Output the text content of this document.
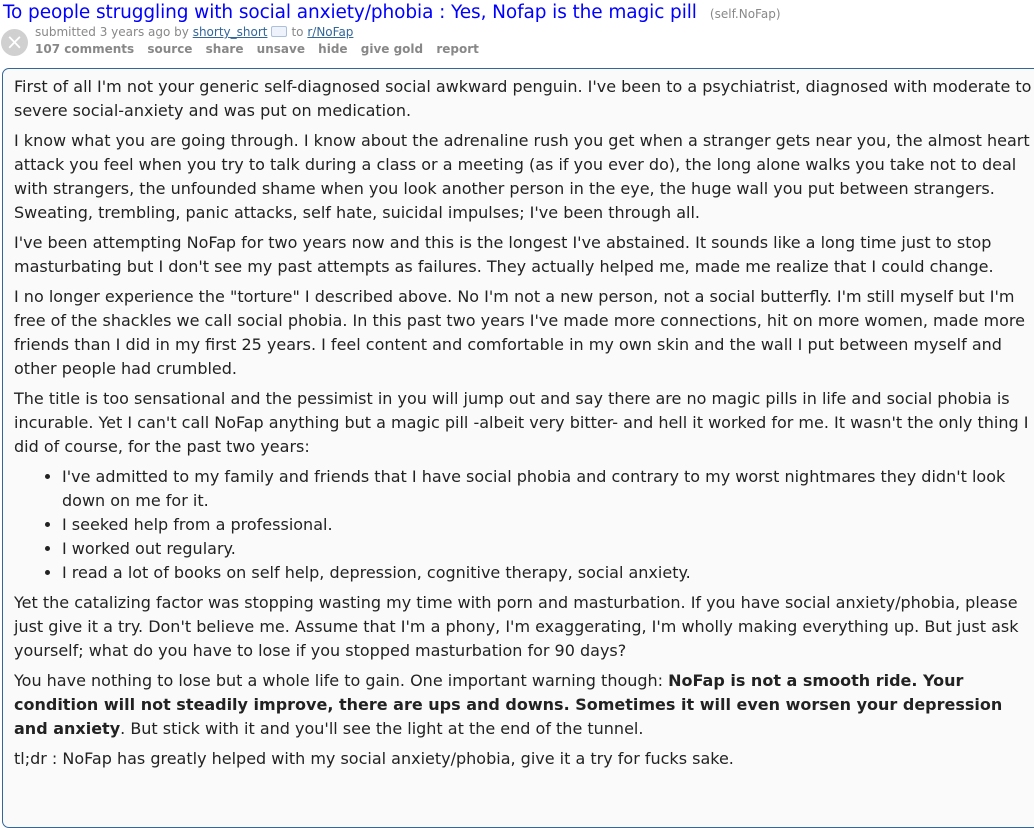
To people struggling with social anxiety/phobia : Yes, Nofap is the magic pill (self.NoFap)
× submitted 3 years ago by shorty_short to r/NoFap
107 comments source share unsave hide give gold report

First of all I'm not your generic self-diagnosed social awkward penguin. I've been to a psychiatrist, diagnosed with moderate to severe social-anxiety and was put on medication.

I know what you are going through. I know about the adrenaline rush you get when a stranger gets near you, the almost heart attack you feel when you try to talk during a class or a meeting (as if you ever do), the long alone walks you take not to deal with strangers, the unfounded shame when you look another person in the eye, the huge wall you put between strangers. Sweating, trembling, panic attacks, self hate, suicidal impulses; I've been through all.

I've been attempting NoFap for two years now and this is the longest I've abstained. It sounds like a long time just to stop masturbating but I don't see my past attempts as failures. They actually helped me, made me realize that I could change.

I no longer experience the "torture" I described above. No I'm not a new person, not a social butterfly. I'm still myself but I'm free of the shackles we call social phobia. In this past two years I've made more connections, hit on more women, made more friends than I did in my first 25 years. I feel content and comfortable in my own skin and the wall I put between myself and other people had crumbled.

The title is too sensational and the pessimist in you will jump out and say there are no magic pills in life and social phobia is incurable. Yet I can't call NoFap anything but a magic pill -albeit very bitter- and hell it worked for me. It wasn't the only thing I did of course, for the past two years:

• I've admitted to my family and friends that I have social phobia and contrary to my worst nightmares they didn't look down on me for it.
• I seeked help from a professional.
• I worked out regulary.
• I read a lot of books on self help, depression, cognitive therapy, social anxiety.

Yet the catalizing factor was stopping wasting my time with porn and masturbation. If you have social anxiety/phobia, please just give it a try. Don't believe me. Assume that I'm a phony, I'm exaggerating, I'm wholly making everything up. But just ask yourself; what do you have to lose if you stopped masturbation for 90 days?

You have nothing to lose but a whole life to gain. One important warning though: NoFap is not a smooth ride. Your condition will not steadily improve, there are ups and downs. Sometimes it will even worsen your depression and anxiety. But stick with it and you'll see the light at the end of the tunnel.

tl;dr : NoFap has greatly helped with my social anxiety/phobia, give it a try for fucks sake.
